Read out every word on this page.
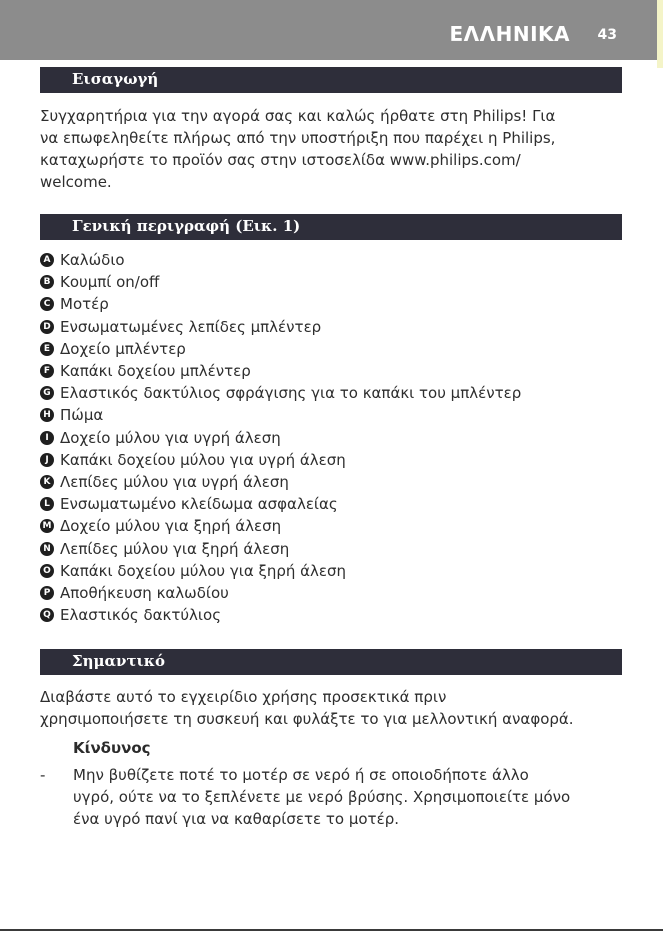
ΕΛΛΗΝΙΚΑ 43
Εισαγωγή
Συγχαρητήρια για την αγορά σας και καλώς ήρθατε στη Philips! Για
να επωφεληθείτε πλήρως από την υποστήριξη που παρέχει η Philips,
καταχωρήστε το προϊόν σας στην ιστοσελίδα www.philips.com/
welcome.
Γενική περιγραφή (Εικ. 1)
A Καλώδιο
B Κουμπί on/off
C Μοτέρ
D Ενσωματωμένες λεπίδες μπλέντερ
E Δοχείο μπλέντερ
F Καπάκι δοχείου μπλέντερ
G Ελαστικός δακτύλιος σφράγισης για το καπάκι του μπλέντερ
H Πώμα
I Δοχείο μύλου για υγρή άλεση
J Καπάκι δοχείου μύλου για υγρή άλεση
K Λεπίδες μύλου για υγρή άλεση
L Ενσωματωμένο κλείδωμα ασφαλείας
M Δοχείο μύλου για ξηρή άλεση
N Λεπίδες μύλου για ξηρή άλεση
O Καπάκι δοχείου μύλου για ξηρή άλεση
P Αποθήκευση καλωδίου
Q Ελαστικός δακτύλιος
Σημαντικό
Διαβάστε αυτό το εγχειρίδιο χρήσης προσεκτικά πριν
χρησιμοποιήσετε τη συσκευή και φυλάξτε το για μελλοντική αναφορά.
Κίνδυνος
- Μην βυθίζετε ποτέ το μοτέρ σε νερό ή σε οποιοδήποτε άλλο
υγρό, ούτε να το ξεπλένετε με νερό βρύσης. Χρησιμοποιείτε μόνο
ένα υγρό πανί για να καθαρίσετε το μοτέρ.
